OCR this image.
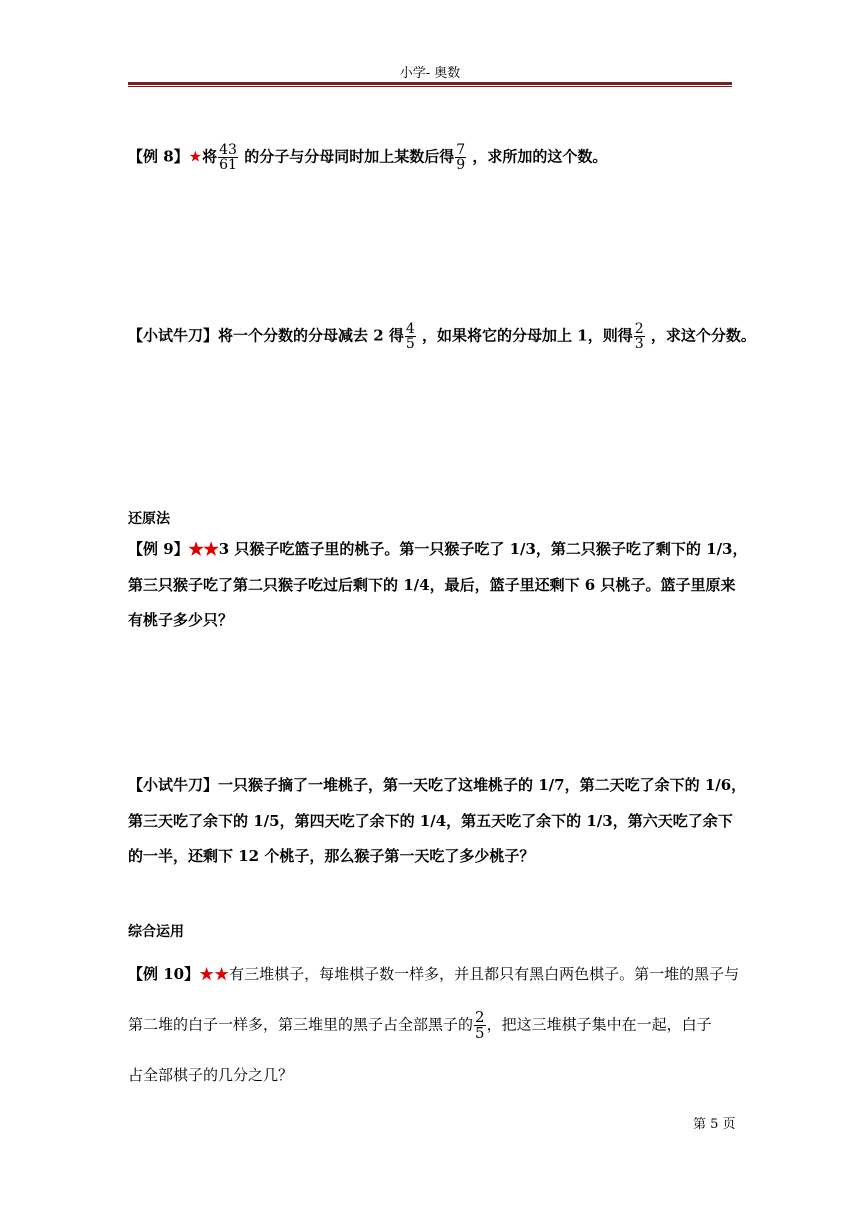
小学- 奥数
【例 8】★将 $\frac{43}{61}$ 的分子与分母同时加上某数后得 $\frac{7}{9}$ ，求所加的这个数。
【小试牛刀】将一个分数的分母减去 2 得 $\frac{4}{5}$ ，如果将它的分母加上 1，则得 $\frac{2}{3}$ ，求这个分数。
还原法
【例 9】★★3 只猴子吃篮子里的桃子。第一只猴子吃了 1/3，第二只猴子吃了剩下的 1/3，
第三只猴子吃了第二只猴子吃过后剩下的 1/4，最后，篮子里还剩下 6 只桃子。篮子里原来
有桃子多少只？
【小试牛刀】一只猴子摘了一堆桃子，第一天吃了这堆桃子的 1/7，第二天吃了余下的 1/6，
第三天吃了余下的 1/5，第四天吃了余下的 1/4，第五天吃了余下的 1/3，第六天吃了余下
的一半，还剩下 12 个桃子，那么猴子第一天吃了多少桃子？
综合运用
【例 10】★★有三堆棋子，每堆棋子数一样多，并且都只有黑白两色棋子。第一堆的黑子与
第二堆的白子一样多，第三堆里的黑子占全部黑子的 $\frac{2}{5}$ ，把这三堆棋子集中在一起，白子
占全部棋子的几分之几？
第 5 页
